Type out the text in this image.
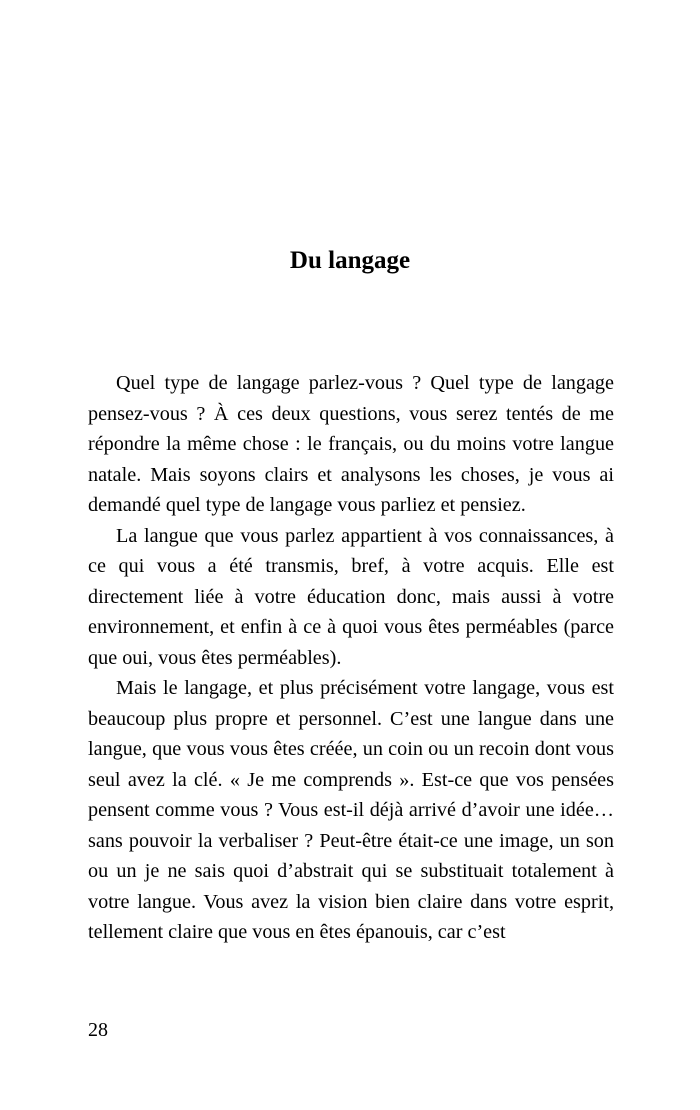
Du langage

Quel type de langage parlez-vous ? Quel type de langage pensez-vous ? À ces deux questions, vous serez tentés de me répondre la même chose : le français, ou du moins votre langue natale. Mais soyons clairs et analysons les choses, je vous ai demandé quel type de langage vous parliez et pensiez.

La langue que vous parlez appartient à vos connaissances, à ce qui vous a été transmis, bref, à votre acquis. Elle est directement liée à votre éducation donc, mais aussi à votre environnement, et enfin à ce à quoi vous êtes perméables (parce que oui, vous êtes perméables).

Mais le langage, et plus précisément votre langage, vous est beaucoup plus propre et personnel. C’est une langue dans une langue, que vous vous êtes créée, un coin ou un recoin dont vous seul avez la clé. « Je me comprends ». Est-ce que vos pensées pensent comme vous ? Vous est-il déjà arrivé d’avoir une idée… sans pouvoir la verbaliser ? Peut-être était-ce une image, un son ou un je ne sais quoi d’abstrait qui se substituait totalement à votre langue. Vous avez la vision bien claire dans votre esprit, tellement claire que vous en êtes épanouis, car c’est

28
